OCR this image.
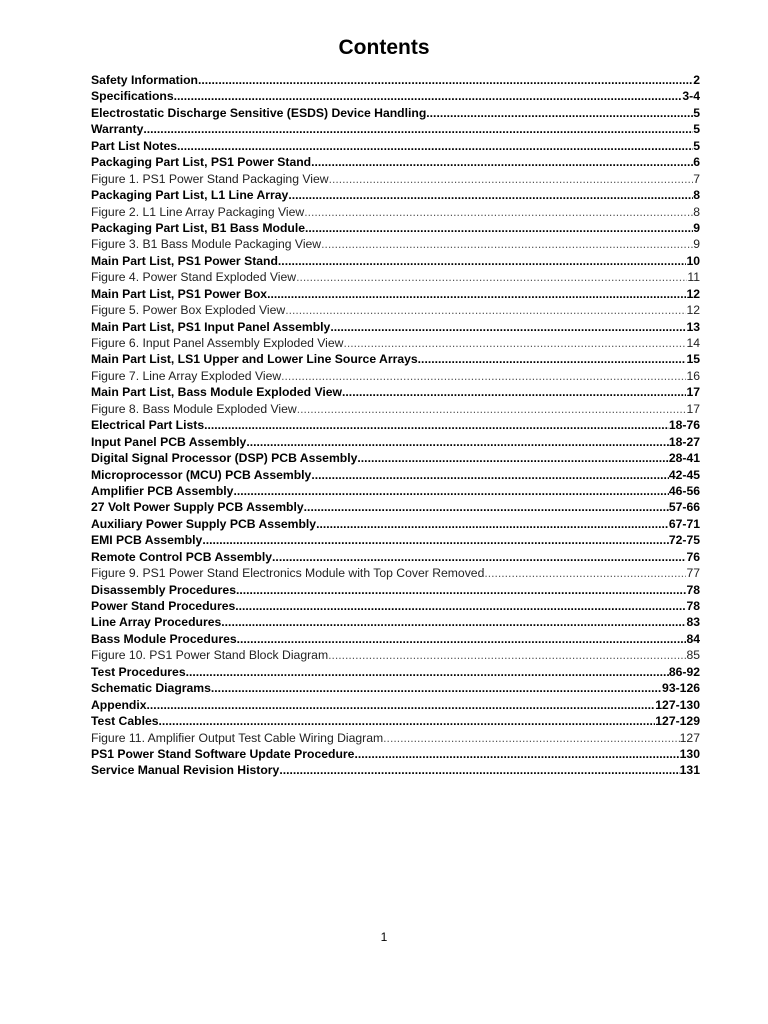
Contents
Safety Information .....	2
Specifications .....	3-4
Electrostatic Discharge Sensitive (ESDS) Device Handling .....	5
Warranty .....	5
Part List Notes .....	5
Packaging Part List, PS1 Power Stand .....	6
Figure 1. PS1 Power Stand Packaging View .....	7
Packaging Part List, L1 Line Array .....	8
Figure 2. L1 Line Array Packaging View .....	8
Packaging Part List, B1 Bass Module .....	9
Figure 3. B1 Bass Module Packaging View .....	9
Main Part List, PS1 Power Stand .....	10
Figure 4. Power Stand Exploded View .....	11
Main Part List, PS1 Power Box .....	12
Figure 5. Power Box Exploded View .....	12
Main Part List, PS1 Input Panel Assembly .....	13
Figure 6. Input Panel Assembly Exploded View .....	14
Main Part List, LS1 Upper and Lower Line Source Arrays .....	15
Figure 7. Line Array Exploded View .....	16
Main Part List, Bass Module Exploded View .....	17
Figure 8. Bass Module Exploded View .....	17
Electrical Part Lists .....	18-76
Input Panel PCB Assembly .....	18-27
Digital Signal Processor (DSP) PCB Assembly .....	28-41
Microprocessor (MCU) PCB Assembly .....	42-45
Amplifier PCB Assembly .....	46-56
27 Volt Power Supply PCB Assembly .....	57-66
Auxiliary Power Supply PCB Assembly .....	67-71
EMI PCB Assembly .....	72-75
Remote Control PCB Assembly .....	76
Figure 9. PS1 Power Stand Electronics Module with Top Cover Removed .....	77
Disassembly Procedures .....	78
Power Stand Procedures .....	78
Line Array Procedures .....	83
Bass Module Procedures .....	84
Figure 10. PS1 Power Stand Block Diagram .....	85
Test Procedures .....	86-92
Schematic Diagrams .....	93-126
Appendix .....	127-130
Test Cables .....	127-129
Figure 11. Amplifier Output Test Cable Wiring Diagram .....	127
PS1 Power Stand Software Update Procedure .....	130
Service Manual Revision History .....	131
1
